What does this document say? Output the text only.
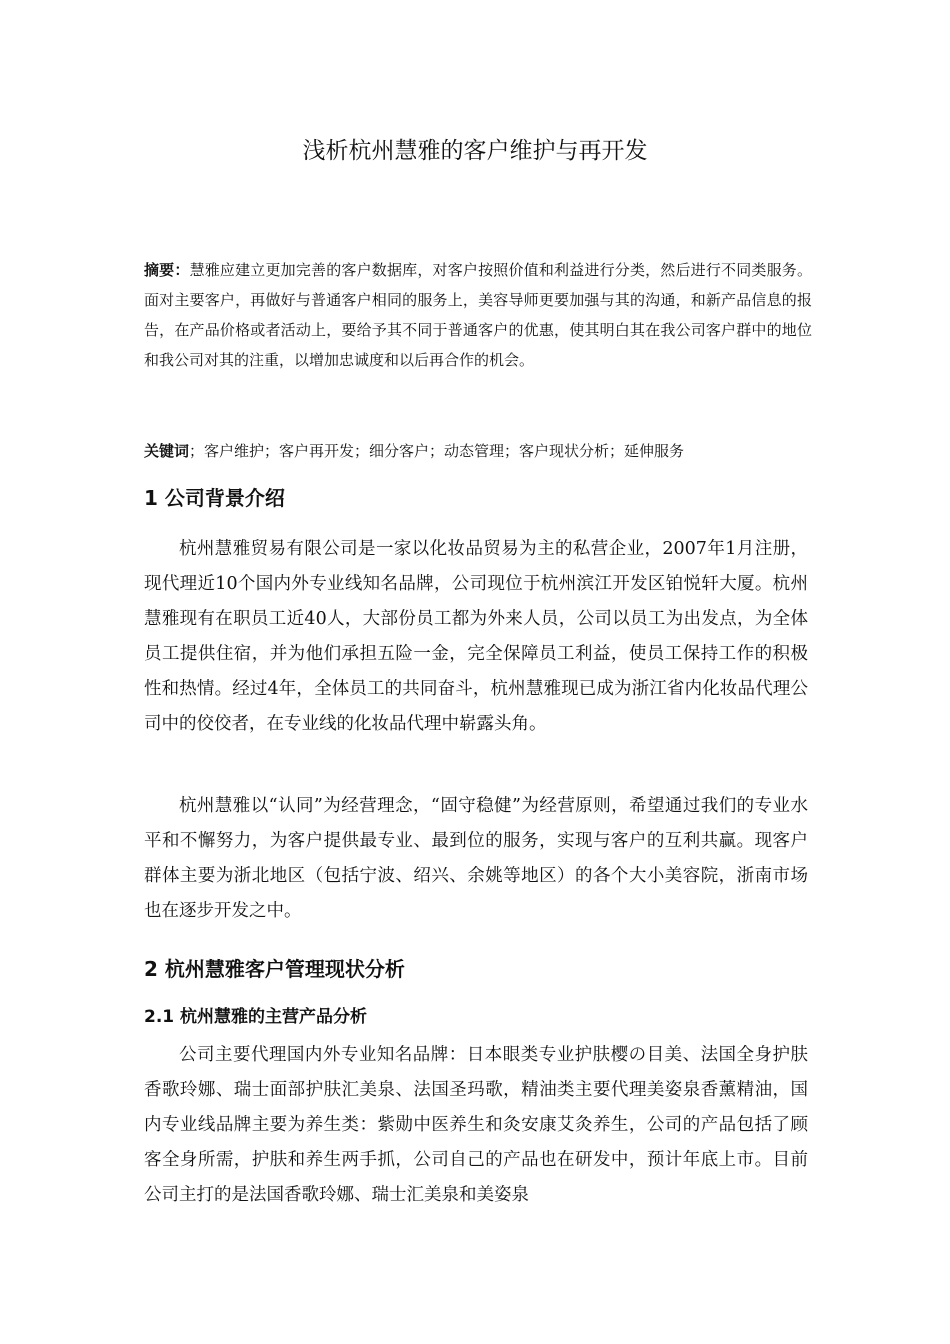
浅析杭州慧雅的客户维护与再开发

摘要：慧雅应建立更加完善的客户数据库，对客户按照价值和利益进行分类，然后进行不同类服务。面对主要客户，再做好与普通客户相同的服务上，美容导师更要加强与其的沟通，和新产品信息的报告，在产品价格或者活动上，要给予其不同于普通客户的优惠，使其明白其在我公司客户群中的地位和我公司对其的注重，以增加忠诚度和以后再合作的机会。

关键词；客户维护；客户再开发；细分客户；动态管理；客户现状分析；延伸服务

1 公司背景介绍

杭州慧雅贸易有限公司是一家以化妆品贸易为主的私营企业，2007年1月注册，现代理近10个国内外专业线知名品牌，公司现位于杭州滨江开发区铂悦轩大厦。杭州慧雅现有在职员工近40人，大部份员工都为外来人员，公司以员工为出发点，为全体员工提供住宿，并为他们承担五险一金，完全保障员工利益，使员工保持工作的积极性和热情。经过4年，全体员工的共同奋斗，杭州慧雅现已成为浙江省内化妆品代理公司中的佼佼者，在专业线的化妆品代理中崭露头角。

杭州慧雅以“认同”为经营理念，“固守稳健”为经营原则，希望通过我们的专业水平和不懈努力，为客户提供最专业、最到位的服务，实现与客户的互利共赢。现客户群体主要为浙北地区（包括宁波、绍兴、余姚等地区）的各个大小美容院，浙南市场也在逐步开发之中。

2 杭州慧雅客户管理现状分析
2.1 杭州慧雅的主营产品分析

公司主要代理国内外专业知名品牌：日本眼类专业护肤樱の目美、法国全身护肤香歌玲娜、瑞士面部护肤汇美泉、法国圣玛歌，精油类主要代理美姿泉香薰精油，国内专业线品牌主要为养生类：紫勋中医养生和灸安康艾灸养生，公司的产品包括了顾客全身所需，护肤和养生两手抓，公司自己的产品也在研发中，预计年底上市。目前公司主打的是法国香歌玲娜、瑞士汇美泉和美姿泉
